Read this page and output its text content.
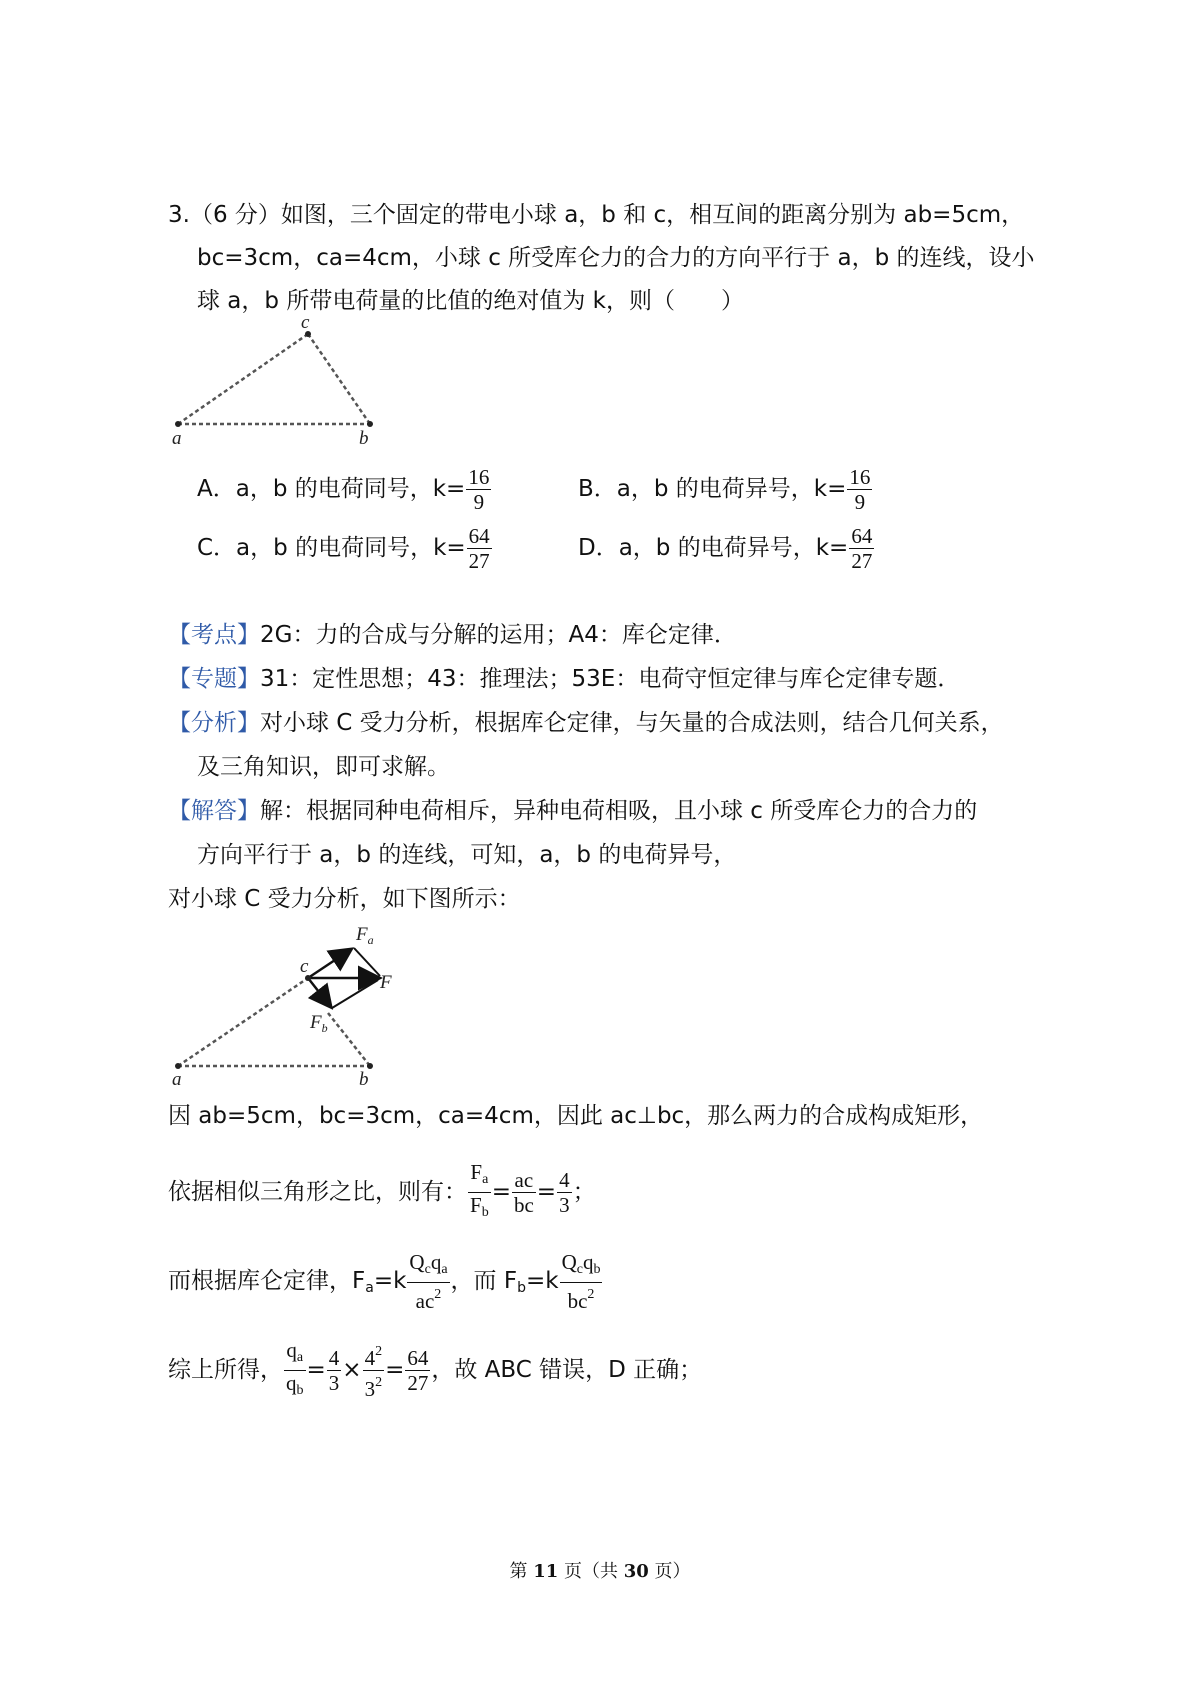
3.（6 分）如图，三个固定的带电小球 a，b 和 c，相互间的距离分别为 ab=5cm，
bc=3cm，ca=4cm，小球 c 所受库仑力的合力的方向平行于 a，b 的连线，设小
球 a，b 所带电荷量的比值的绝对值为 k，则（　　）
a
c
b
A．a，b 的电荷同号，$k= \frac{16}{9}$	B．a，b 的电荷异号，$k= \frac{16}{9}$
C．a，b 的电荷同号，$k= \frac{64}{27}$	D．a，b 的电荷异号，$k= \frac{64}{27}$
【考点】2G：力的合成与分解的运用；A4：库仑定律．
【专题】31：定性思想；43：推理法；53E：电荷守恒定律与库仑定律专题．
【分析】对小球 C 受力分析，根据库仑定律，与矢量的合成法则，结合几何关系，
及三角知识，即可求解。
【解答】解：根据同种电荷相斥，异种电荷相吸，且小球 c 所受库仑力的合力的
方向平行于 a，b 的连线，可知，a，b 的电荷异号，
对小球 C 受力分析，如下图所示：
a
c
b
$F_a$
F
$F_b$
因 ab=5cm，bc=3cm，ca=4cm，因此 ac⊥bc，那么两力的合成构成矩形，
依据相似三角形之比，则有： $\frac{F_a}{F_b} = \frac{ac}{bc} = \frac{4}{3}$ ；
而根据库仑定律，$F_a=k \frac{Q_cq_a}{ac^2}$ ，而 $F_b=k \frac{Q_cq_b}{bc^2}$
综上所得， $\frac{q_a}{q_b} = \frac{4}{3} \times \frac{4^2}{3^2} = \frac{64}{27}$ ，故 ABC 错误，D 正确；
第 11 页（共 30 页）
